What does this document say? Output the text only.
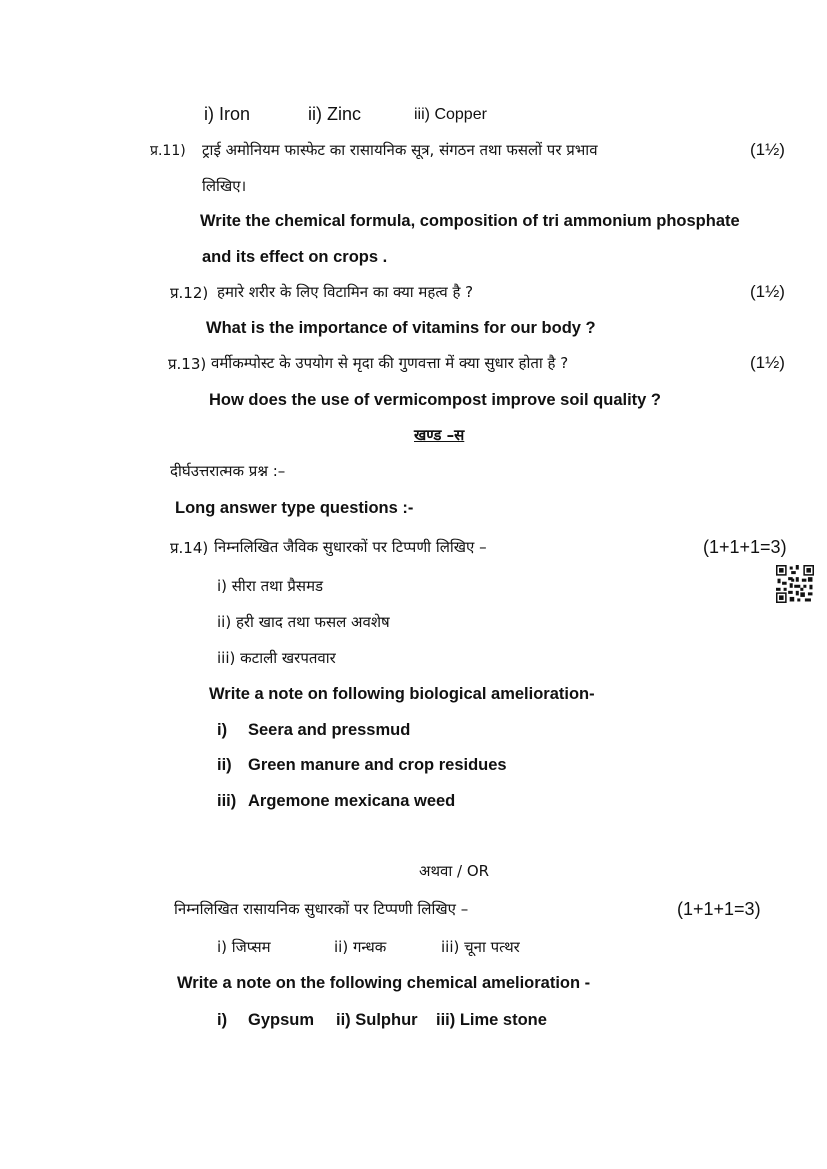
i) Iron	ii) Zinc	iii) Copper
प्र.11) ट्राई अमोनियम फास्फेट का रासायनिक सूत्र, संगठन तथा फसलों पर प्रभाव	(1½)
लिखिए।
Write the chemical formula, composition of tri ammonium phosphate
and its effect on crops .
प्र.12) हमारे शरीर के लिए विटामिन का क्या महत्व है ?	(1½)
What is the importance of vitamins for our body ?
प्र.13) वर्मीकम्पोस्ट के उपयोग से मृदा की गुणवत्ता में क्या सुधार होता है ?	(1½)
How does the use of vermicompost improve soil quality ?
खण्ड –स
दीर्घउत्तरात्मक प्रश्न :–
Long answer type questions :-
प्र.14) निम्नलिखित जैविक सुधारकों पर टिप्पणी लिखिए –	(1+1+1=3)
i) सीरा तथा प्रैसमड
ii) हरी खाद तथा फसल अवशेष
iii) कटाली खरपतवार
Write a note on following biological amelioration-
i) Seera and pressmud
ii) Green manure and crop residues
iii) Argemone mexicana weed
अथवा / OR
निम्नलिखित रासायनिक सुधारकों पर टिप्पणी लिखिए –	(1+1+1=3)
i) जिप्सम	ii) गन्धक	iii) चूना पत्थर
Write a note on the following chemical amelioration -
i) Gypsum ii) Sulphur iii) Lime stone
